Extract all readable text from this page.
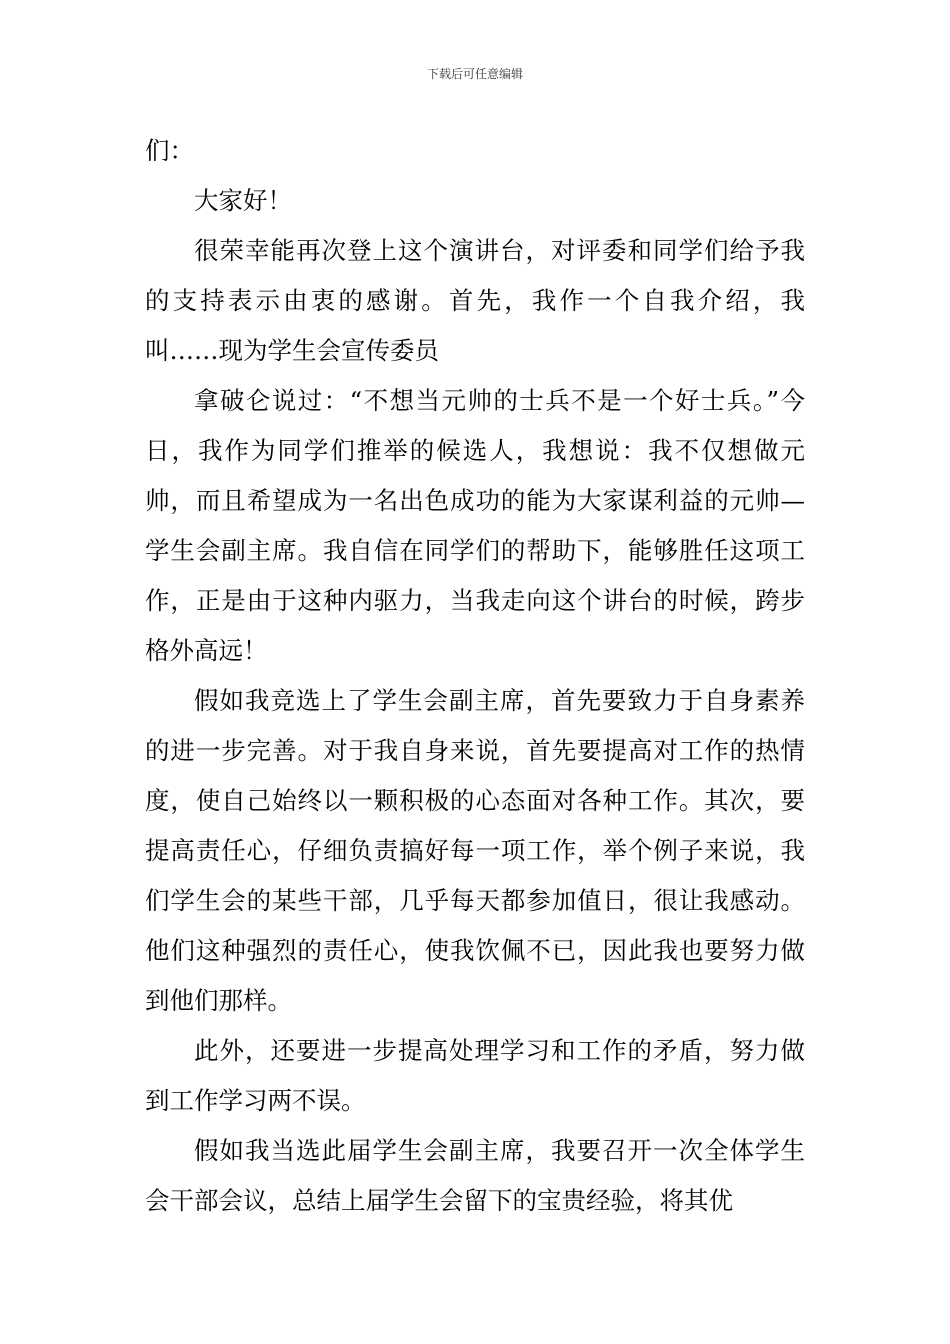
下载后可任意编辑

们：

大家好！

很荣幸能再次登上这个演讲台，对评委和同学们给予我的支持表示由衷的感谢。首先，我作一个自我介绍，我叫……现为学生会宣传委员

拿破仑说过：“不想当元帅的士兵不是一个好士兵。”今日，我作为同学们推举的候选人，我想说：我不仅想做元帅，而且希望成为一名出色成功的能为大家谋利益的元帅—学生会副主席。我自信在同学们的帮助下，能够胜任这项工作，正是由于这种内驱力，当我走向这个讲台的时候，跨步格外高远！

假如我竞选上了学生会副主席，首先要致力于自身素养的进一步完善。对于我自身来说，首先要提高对工作的热情度，使自己始终以一颗积极的心态面对各种工作。其次，要提高责任心，仔细负责搞好每一项工作，举个例子来说，我们学生会的某些干部，几乎每天都参加值日，很让我感动。他们这种强烈的责任心，使我饮佩不已，因此我也要努力做到他们那样。

此外，还要进一步提高处理学习和工作的矛盾，努力做到工作学习两不误。

假如我当选此届学生会副主席，我要召开一次全体学生会干部会议，总结上届学生会留下的宝贵经验，将其优
